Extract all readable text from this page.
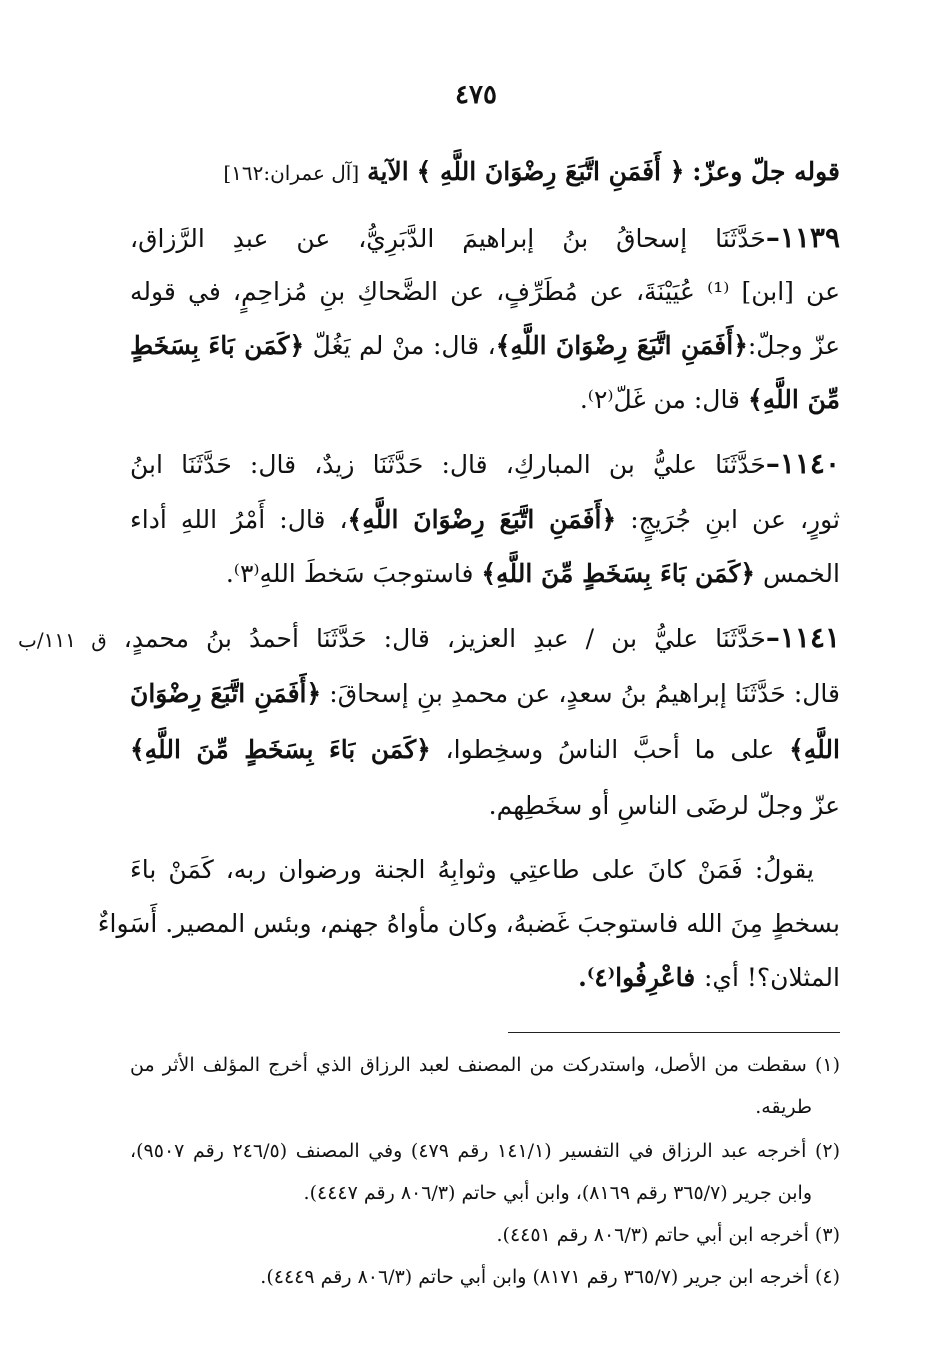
٤٧٥
قوله جلّ وعزّ: ﴿ أَفَمَنِ اتَّبَعَ رِضْوَانَ اللَّهِ ﴾ الآية [آل عمران:١٦٢]
١١٣٩–حَدَّثَنَا إسحاقُ بنُ إبراهيمَ الدَّبَرِيُّ، عن عبدِ الرَّزاق،
عن [ابن] ⁽¹⁾ عُيَيْنَةَ، عن مُطَرِّفٍ، عن الضَّحاكِ بنِ مُزاحِمٍ، في قوله
عزّ وجلّ:﴿أَفَمَنِ اتَّبَعَ رِضْوَانَ اللَّهِ﴾، قال: منْ لم يَغُلّ ﴿كَمَن بَاءَ بِسَخَطٍ
مِّنَ اللَّهِ﴾ قال: من غَلّ⁽٢⁾.
١١٤٠–حَدَّثَنَا عليُّ بن المباركِ، قال: حَدَّثَنَا زيدٌ، قال: حَدَّثَنَا ابنُ
ثورٍ، عن ابنِ جُرَيجٍ: ﴿أَفَمَنِ اتَّبَعَ رِضْوَانَ اللَّهِ﴾، قال: أَمْرُ اللهِ أداء
الخمس ﴿كَمَن بَاءَ بِسَخَطٍ مِّنَ اللَّهِ﴾ فاستوجبَ سَخطَ اللهِ⁽٣⁾.
١١٤١–حَدَّثَنَا عليُّ بن / عبدِ العزيز، قال: حَدَّثَنَا أحمدُ بنُ محمدٍ، ق ١١١/ب
قال: حَدَّثَنَا إبراهيمُ بنُ سعدٍ، عن محمدِ بنِ إسحاقَ: ﴿أَفَمَنِ اتَّبَعَ رِضْوَانَ
اللَّهِ﴾ على ما أحبَّ الناسُ وسخِطوا، ﴿كَمَن بَاءَ بِسَخَطٍ مِّنَ اللَّهِ﴾
عزّ وجلّ لرضَى الناسِ أو سخَطِهم.
يقولُ: فَمَنْ كانَ على طاعتِي وثوابِهُ الجنة ورضوان ربه، كَمَنْ باءَ
بسخطٍ مِنَ الله فاستوجبَ غَضبهُ، وكان مأواهُ جهنم، وبئس المصير. أَسَواءٌ
المثلان؟! أي: فاعْرِفُوا⁽٤⁾.
(١) سقطت من الأصل، واستدركت من المصنف لعبد الرزاق الذي أخرج المؤلف الأثر من
طريقه.
(٢) أخرجه عبد الرزاق في التفسير (١٤١/١ رقم ٤٧٩) وفي المصنف (٢٤٦/٥ رقم ٩٥٠٧)،
وابن جرير (٣٦٥/٧ رقم ٨١٦٩)، وابن أبي حاتم (٨٠٦/٣ رقم ٤٤٤٧).
(٣) أخرجه ابن أبي حاتم (٨٠٦/٣ رقم ٤٤٥١).
(٤) أخرجه ابن جرير (٣٦٥/٧ رقم ٨١٧١) وابن أبي حاتم (٨٠٦/٣ رقم ٤٤٤٩).
